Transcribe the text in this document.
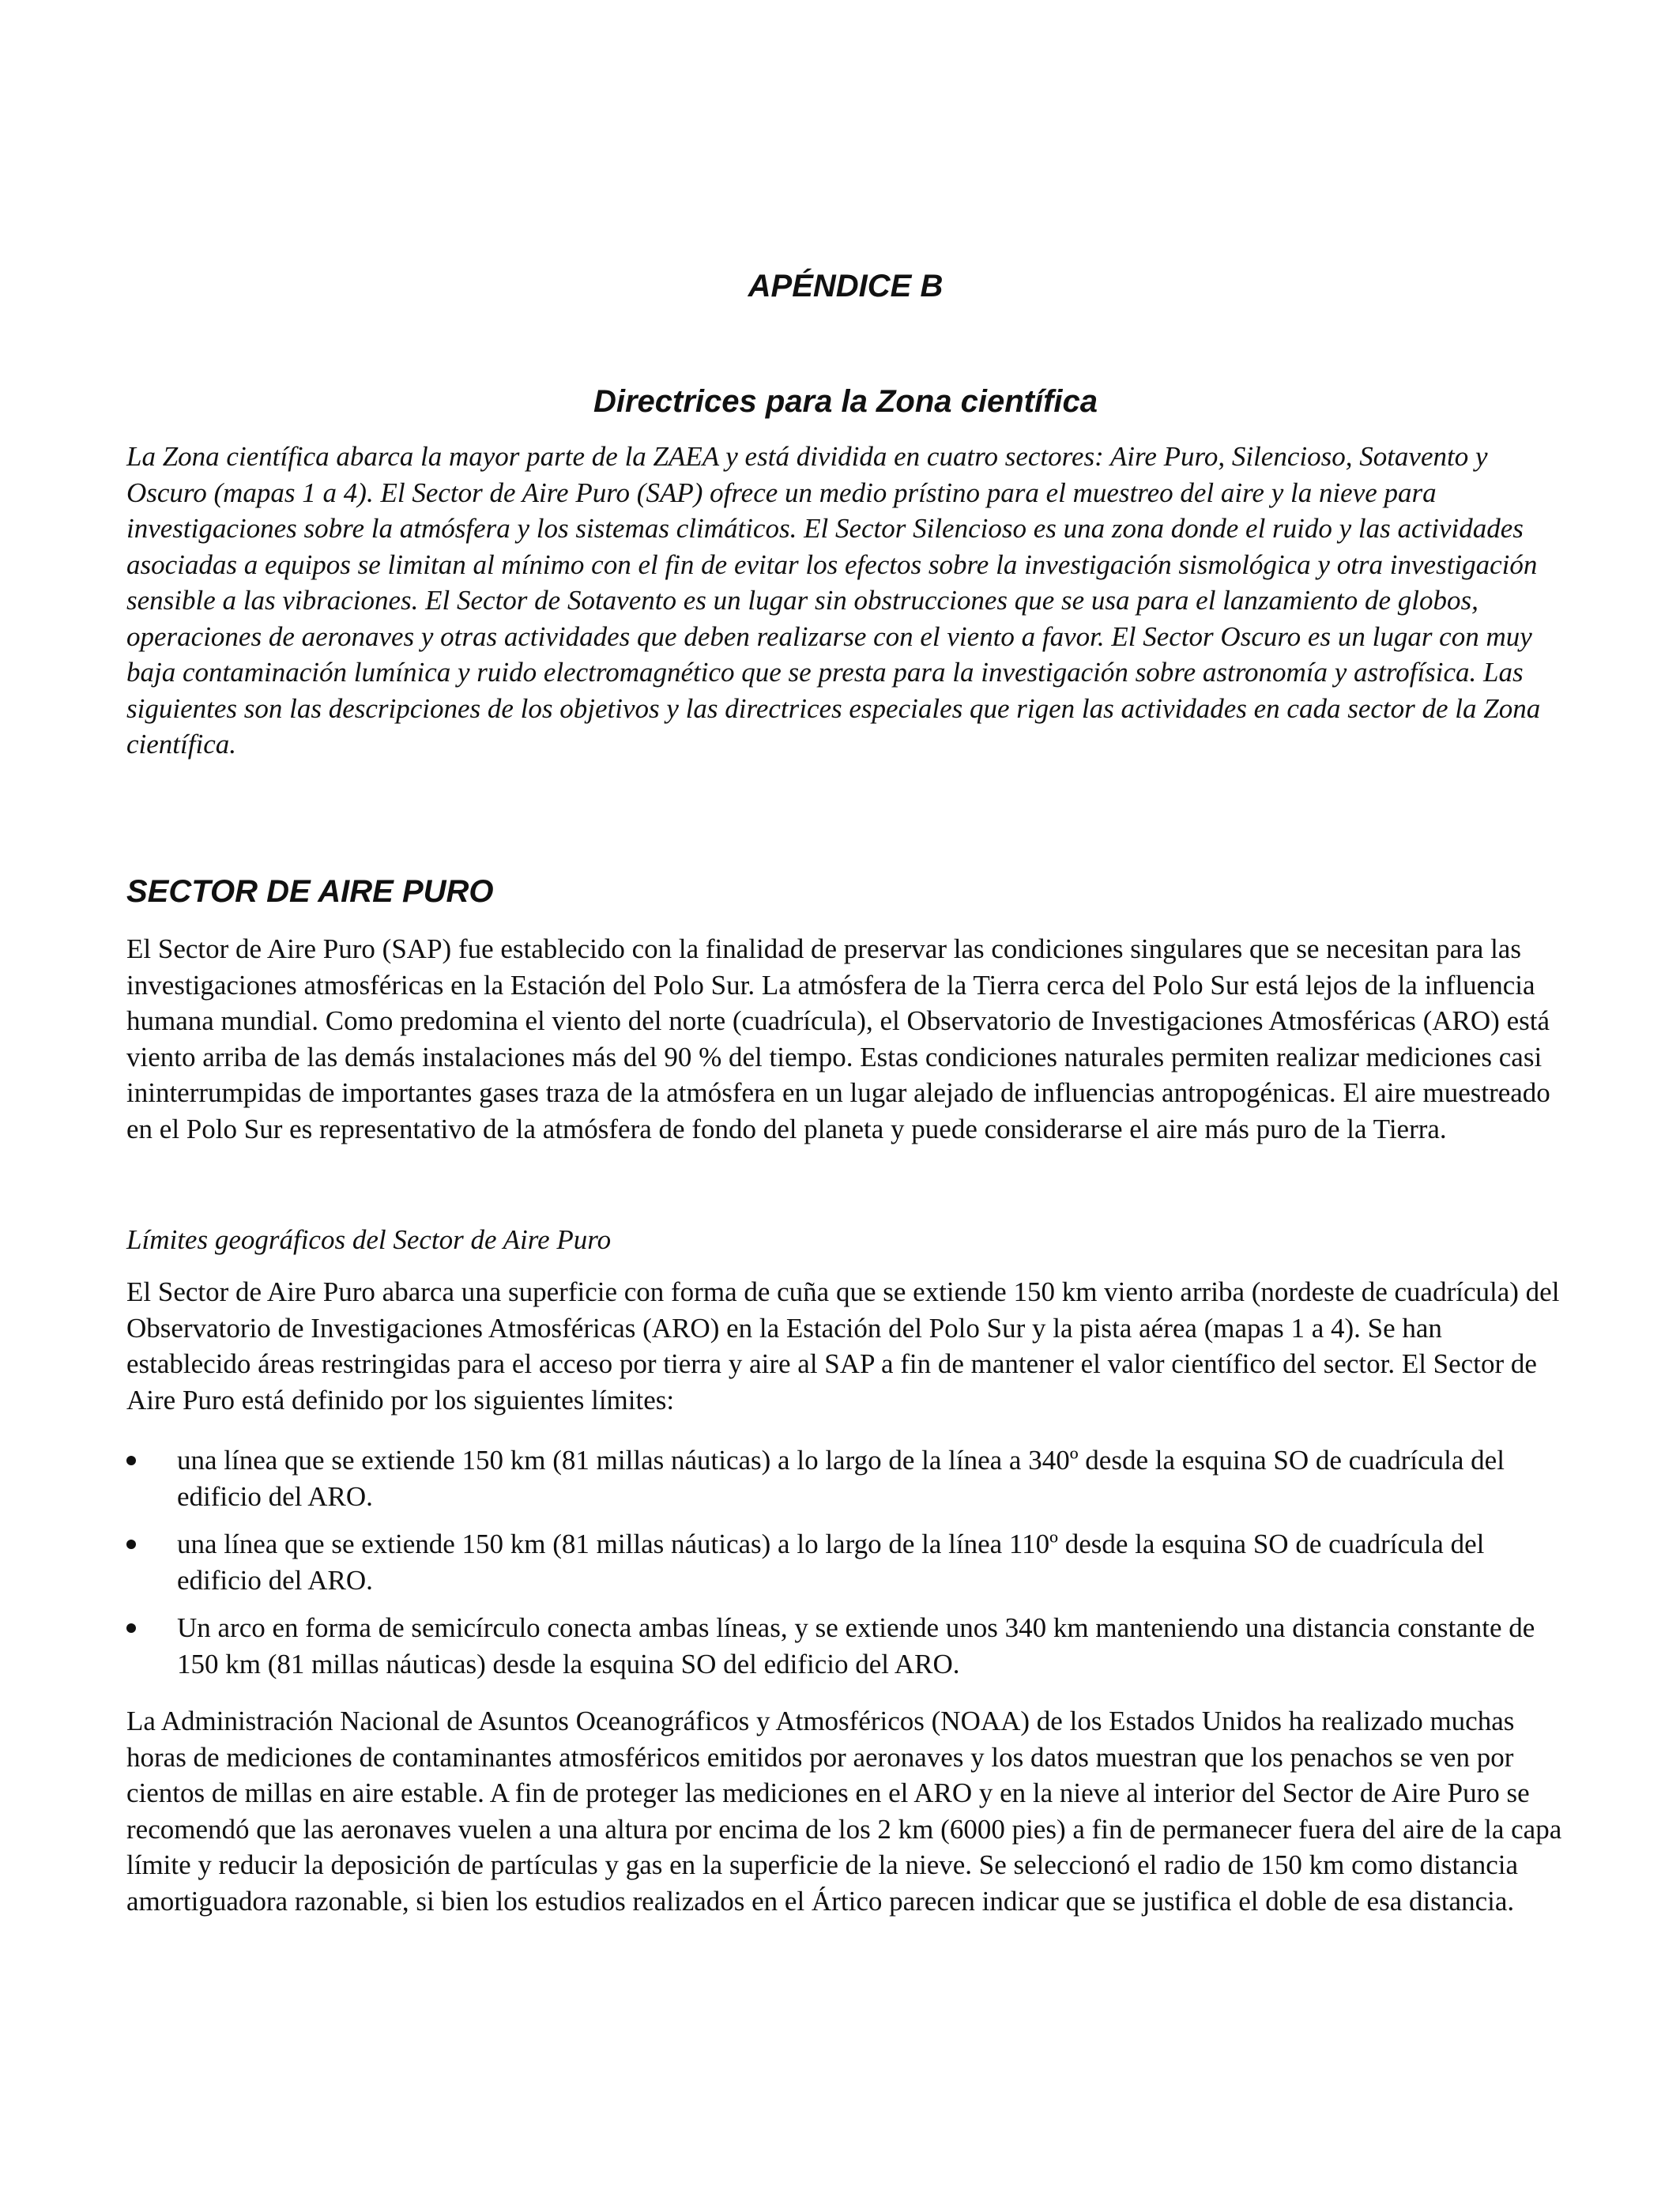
APÉNDICE B
Directrices para la Zona científica

La Zona científica abarca la mayor parte de la ZAEA y está dividida en cuatro sectores: Aire Puro, Silencioso, Sotavento y Oscuro (mapas 1 a 4). El Sector de Aire Puro (SAP) ofrece un medio prístino para el muestreo del aire y la nieve para investigaciones sobre la atmósfera y los sistemas climáticos. El Sector Silencioso es una zona donde el ruido y las actividades asociadas a equipos se limitan al mínimo con el fin de evitar los efectos sobre la investigación sismológica y otra investigación sensible a las vibraciones. El Sector de Sotavento es un lugar sin obstrucciones que se usa para el lanzamiento de globos, operaciones de aeronaves y otras actividades que deben realizarse con el viento a favor. El Sector Oscuro es un lugar con muy baja contaminación lumínica y ruido electromagnético que se presta para la investigación sobre astronomía y astrofísica. Las siguientes son las descripciones de los objetivos y las directrices especiales que rigen las actividades en cada sector de la Zona científica.

SECTOR DE AIRE PURO

El Sector de Aire Puro (SAP) fue establecido con la finalidad de preservar las condiciones singulares que se necesitan para las investigaciones atmosféricas en la Estación del Polo Sur. La atmósfera de la Tierra cerca del Polo Sur está lejos de la influencia humana mundial. Como predomina el viento del norte (cuadrícula), el Observatorio de Investigaciones Atmosféricas (ARO) está viento arriba de las demás instalaciones más del 90 % del tiempo. Estas condiciones naturales permiten realizar mediciones casi ininterrumpidas de importantes gases traza de la atmósfera en un lugar alejado de influencias antropogénicas. El aire muestreado en el Polo Sur es representativo de la atmósfera de fondo del planeta y puede considerarse el aire más puro de la Tierra.

Límites geográficos del Sector de Aire Puro

El Sector de Aire Puro abarca una superficie con forma de cuña que se extiende 150 km viento arriba (nordeste de cuadrícula) del Observatorio de Investigaciones Atmosféricas (ARO) en la Estación del Polo Sur y la pista aérea (mapas 1 a 4). Se han establecido áreas restringidas para el acceso por tierra y aire al SAP a fin de mantener el valor científico del sector. El Sector de Aire Puro está definido por los siguientes límites:

una línea que se extiende 150 km (81 millas náuticas) a lo largo de la línea a 340º desde la esquina SO de cuadrícula del edificio del ARO.
una línea que se extiende 150 km (81 millas náuticas) a lo largo de la línea 110º desde la esquina SO de cuadrícula del edificio del ARO.
Un arco en forma de semicírculo conecta ambas líneas, y se extiende unos 340 km manteniendo una distancia constante de 150 km (81 millas náuticas) desde la esquina SO del edificio del ARO.

La Administración Nacional de Asuntos Oceanográficos y Atmosféricos (NOAA) de los Estados Unidos ha realizado muchas horas de mediciones de contaminantes atmosféricos emitidos por aeronaves y los datos muestran que los penachos se ven por cientos de millas en aire estable. A fin de proteger las mediciones en el ARO y en la nieve al interior del Sector de Aire Puro se recomendó que las aeronaves vuelen a una altura por encima de los 2 km (6000 pies) a fin de permanecer fuera del aire de la capa límite y reducir la deposición de partículas y gas en la superficie de la nieve. Se seleccionó el radio de 150 km como distancia amortiguadora razonable, si bien los estudios realizados en el Ártico parecen indicar que se justifica el doble de esa distancia.
